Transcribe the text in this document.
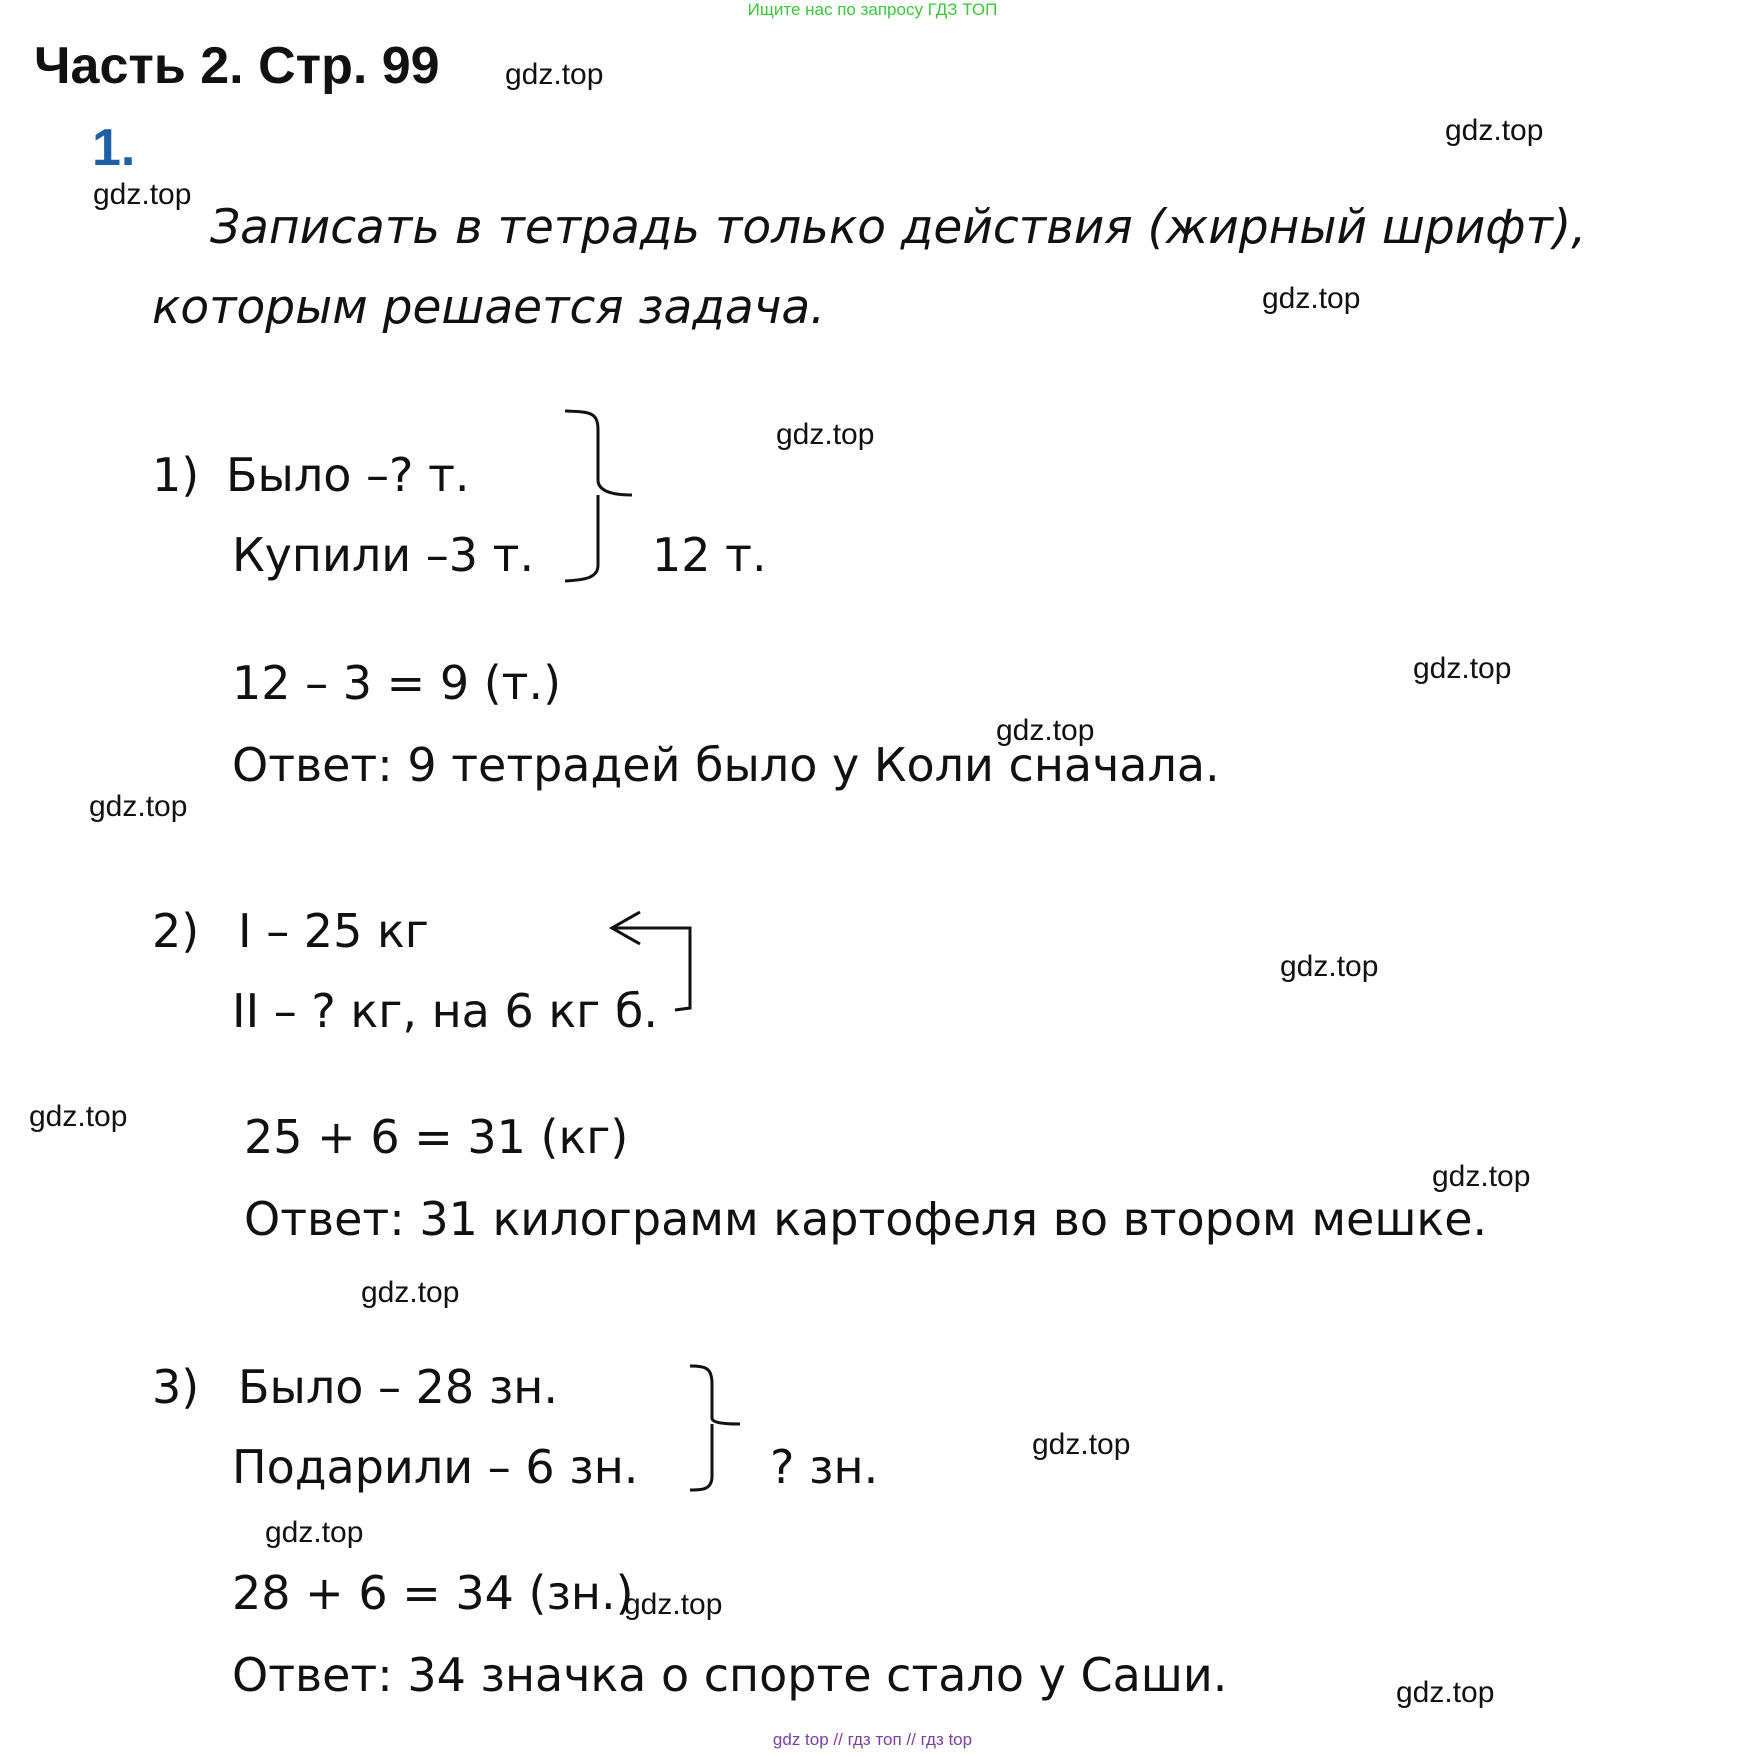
Ищите нас по запросу ГДЗ ТОП
Часть 2. Стр. 99
1.
Записать в тетрадь только действия (жирный шрифт),
которым решается задача.
1) Было –? т.
Купили –3 т.	12 т.
12 – 3 = 9 (т.)
Ответ: 9 тетрадей было у Коли сначала.
2) I – 25 кг
II – ? кг, на 6 кг б.
25 + 6 = 31 (кг)
Ответ: 31 килограмм картофеля во втором мешке.
3) Было – 28 зн.
Подарили – 6 зн.	? зн.
28 + 6 = 34 (зн.)
Ответ: 34 значка о спорте стало у Саши.
gdz.top
gdz.top
gdz.top
gdz.top
gdz.top
gdz.top
gdz.top
gdz.top
gdz.top
gdz.top
gdz.top
gdz.top
gdz.top
gdz.top
gdz.top
gdz.top
gdz top // гдз топ // гдз top
